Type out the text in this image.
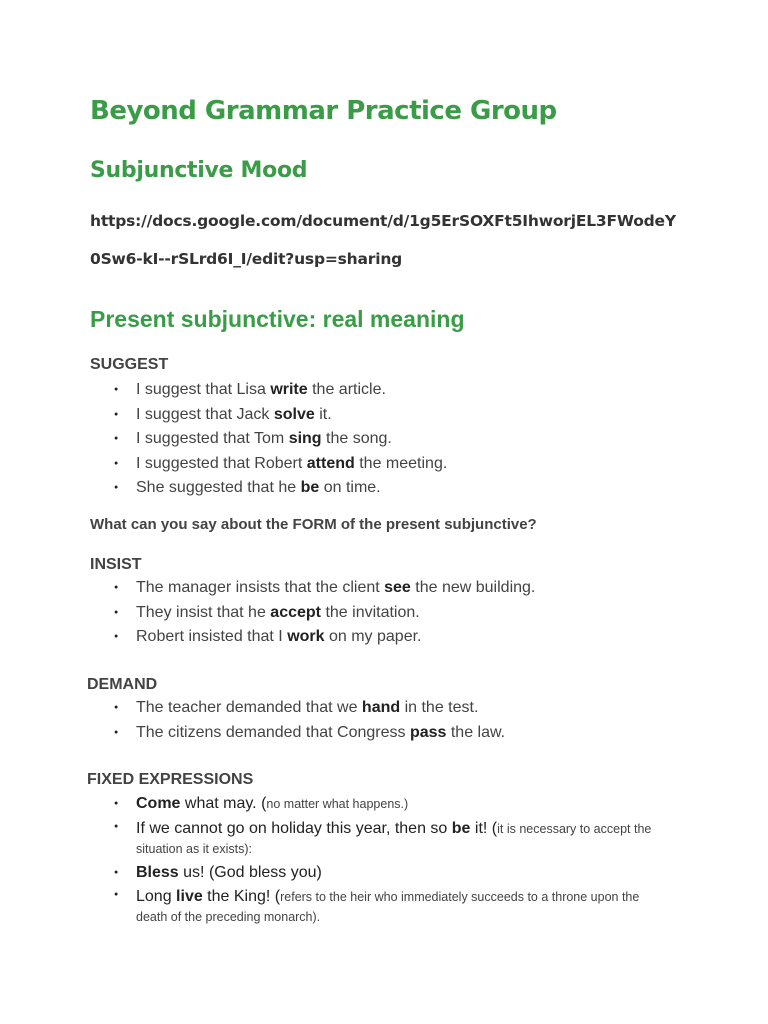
Beyond Grammar Practice Group
Subjunctive Mood
https://docs.google.com/document/d/1g5ErSOXFt5IhworjEL3FWodeY
0Sw6-kI--rSLrd6I_I/edit?usp=sharing
Present subjunctive: real meaning
SUGGEST
● I suggest that Lisa write the article.
● I suggest that Jack solve it.
● I suggested that Tom sing the song.
● I suggested that Robert attend the meeting.
● She suggested that he be on time.
What can you say about the FORM of the present subjunctive?
INSIST
● The manager insists that the client see the new building.
● They insist that he accept the invitation.
● Robert insisted that I work on my paper.
DEMAND
● The teacher demanded that we hand in the test.
● The citizens demanded that Congress pass the law.
FIXED EXPRESSIONS
● Come what may. (no matter what happens.)
● If we cannot go on holiday this year, then so be it! (it is necessary to accept the situation as it exists):
● Bless us! (God bless you)
● Long live the King! (refers to the heir who immediately succeeds to a throne upon the death of the preceding monarch).
